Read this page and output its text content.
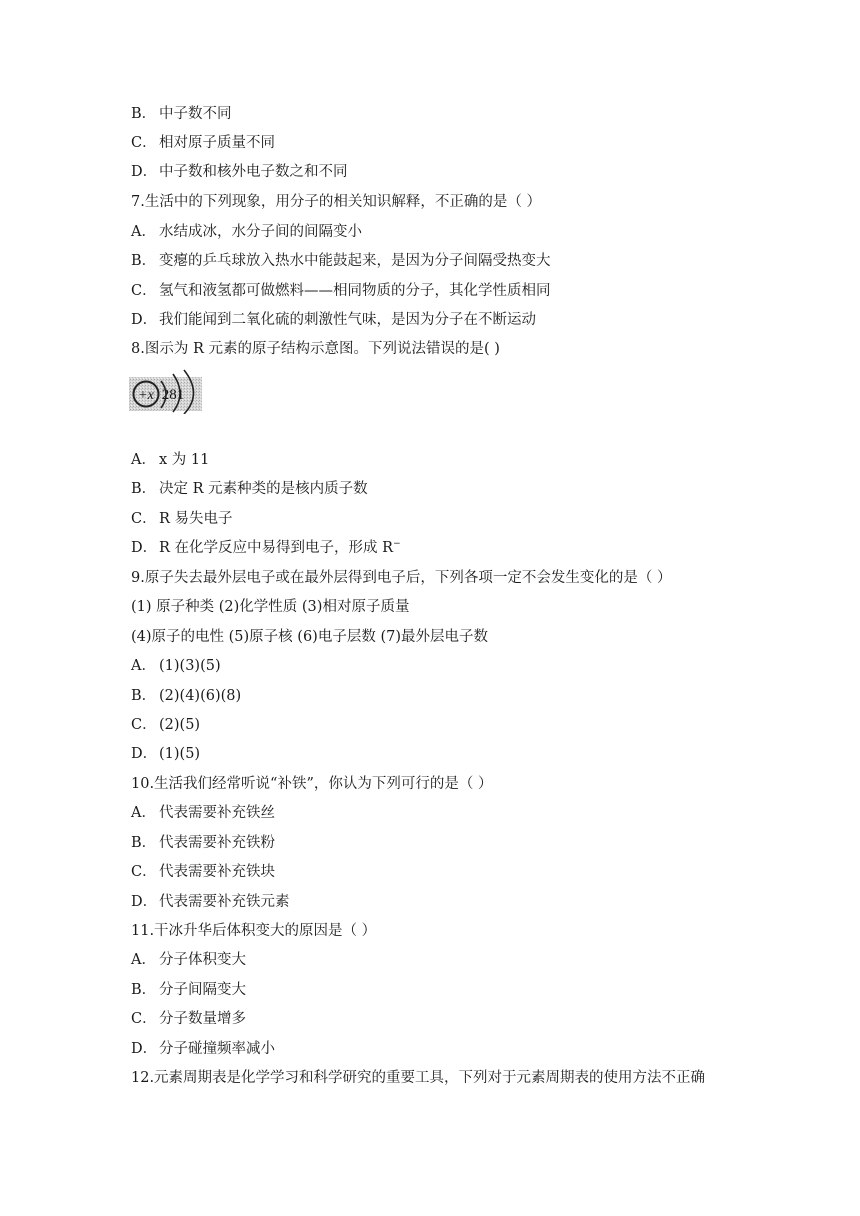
B． 中子数不同
C． 相对原子质量不同
D． 中子数和核外电子数之和不同
7.生活中的下列现象，用分子的相关知识解释，不正确的是（ ）
A． 水结成冰，水分子间的间隔变小
B． 变瘪的乒乓球放入热水中能鼓起来，是因为分子间隔受热变大
C． 氢气和液氢都可做燃料——相同物质的分子，其化学性质相同
D． 我们能闻到二氧化硫的刺激性气味，是因为分子在不断运动
8.图示为 R 元素的原子结构示意图。下列说法错误的是( )
+x 281
A． x 为 11
B． 决定 R 元素种类的是核内质子数
C． R 易失电子
D． R 在化学反应中易得到电子，形成 R−
9.原子失去最外层电子或在最外层得到电子后，下列各项一定不会发生变化的是（ ）
(1) 原子种类 (2)化学性质 (3)相对原子质量
(4)原子的电性 (5)原子核 (6)电子层数 (7)最外层电子数
A． (1)(3)(5)
B． (2)(4)(6)(8)
C． (2)(5)
D． (1)(5)
10.生活我们经常听说“补铁”，你认为下列可行的是（ ）
A． 代表需要补充铁丝
B． 代表需要补充铁粉
C． 代表需要补充铁块
D． 代表需要补充铁元素
11.干冰升华后体积变大的原因是（ ）
A． 分子体积变大
B． 分子间隔变大
C． 分子数量增多
D． 分子碰撞频率减小
12.元素周期表是化学学习和科学研究的重要工具，下列对于元素周期表的使用方法不正确
